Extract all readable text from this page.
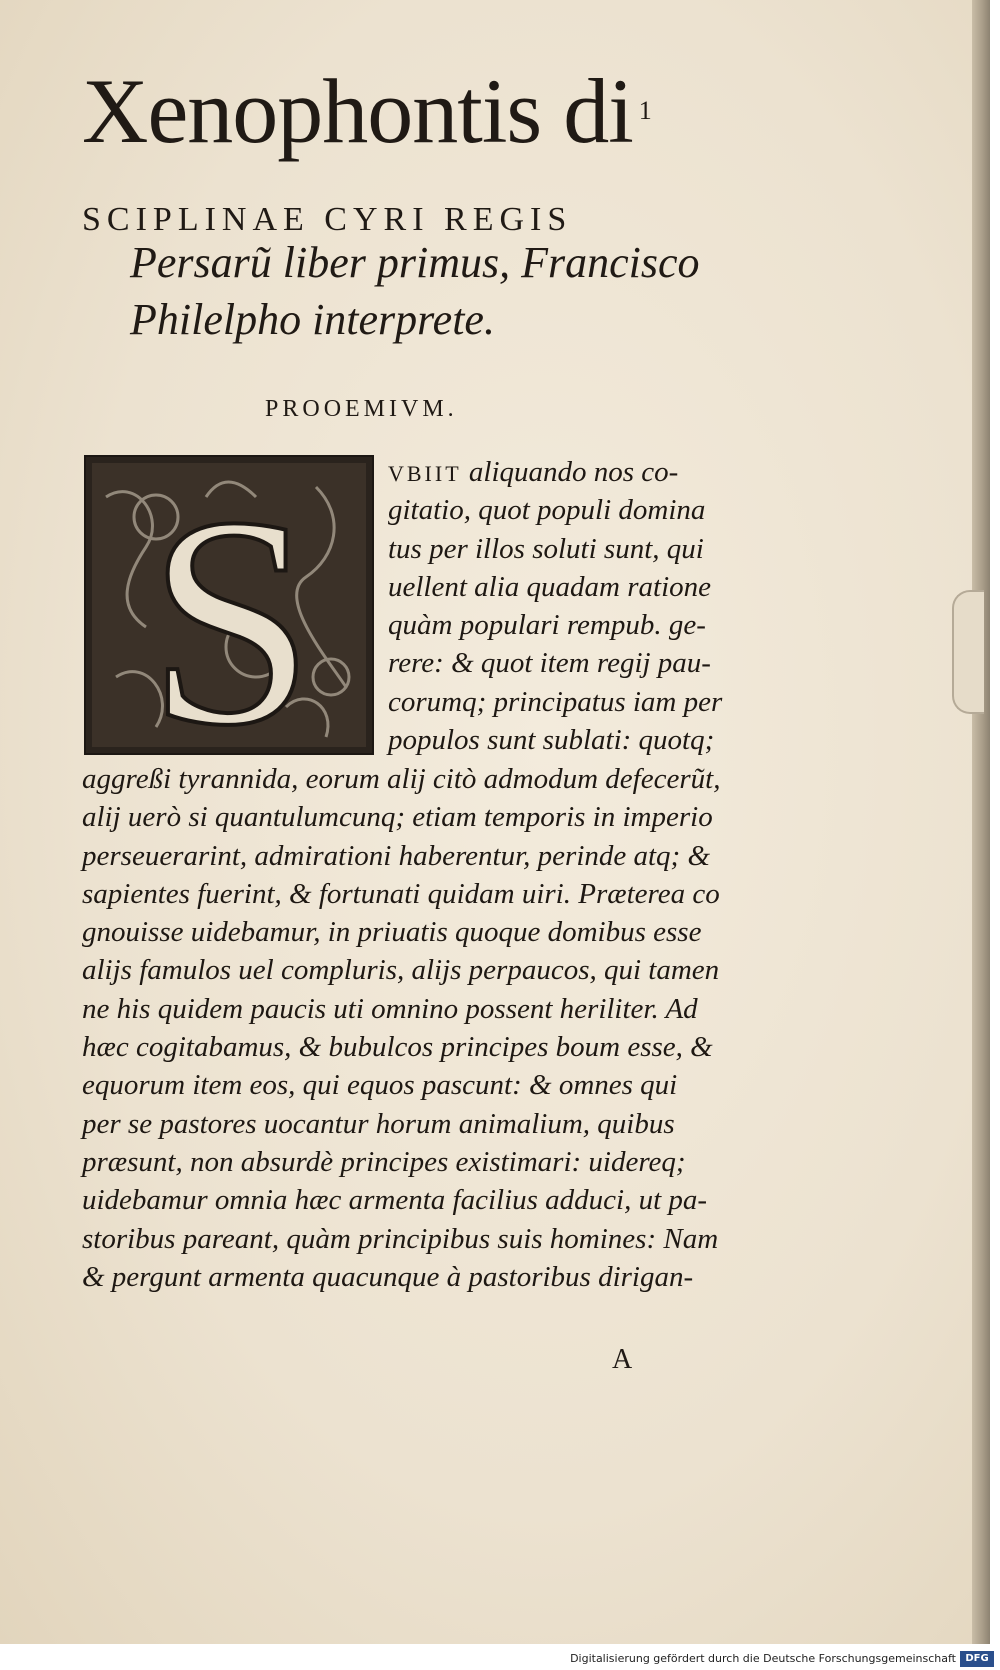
Xenophontis di $^1$
SCIPLINAE CYRI REGIS
Persarũ liber primus, Francisco
Philelpho interprete.
PROOEMIVM.
S	VBIIT aliquando nos co-
gitatio, quot populi domina
tus per illos soluti sunt, qui
uellent alia quadam ratione
quàm populari rempub. ge-
rere: & quot item regij pau-
corumq; principatus iam per
populos sunt sublati: quotq;
aggreßi tyrannida, eorum alij citò admodum defecerũt,
alij uerò si quantulumcunq; etiam temporis in imperio
perseuerarint, admirationi haberentur, perinde atq; &
sapientes fuerint, & fortunati quidam uiri. Præterea co
gnouisse uidebamur, in priuatis quoque domibus esse
alijs famulos uel compluris, alijs perpaucos, qui tamen
ne his quidem paucis uti omnino possent heriliter. Ad
hæc cogitabamus, & bubulcos principes boum esse, &
equorum item eos, qui equos pascunt: & omnes qui
per se pastores uocantur horum animalium, quibus
præsunt, non absurdè principes existimari: uidereq;
uidebamur omnia hæc armenta facilius adduci, ut pa-
storibus pareant, quàm principibus suis homines: Nam
& pergunt armenta quacunque à pastoribus dirigan-
A
Digitalisierung gefördert durch die Deutsche Forschungsgemeinschaft DFG
